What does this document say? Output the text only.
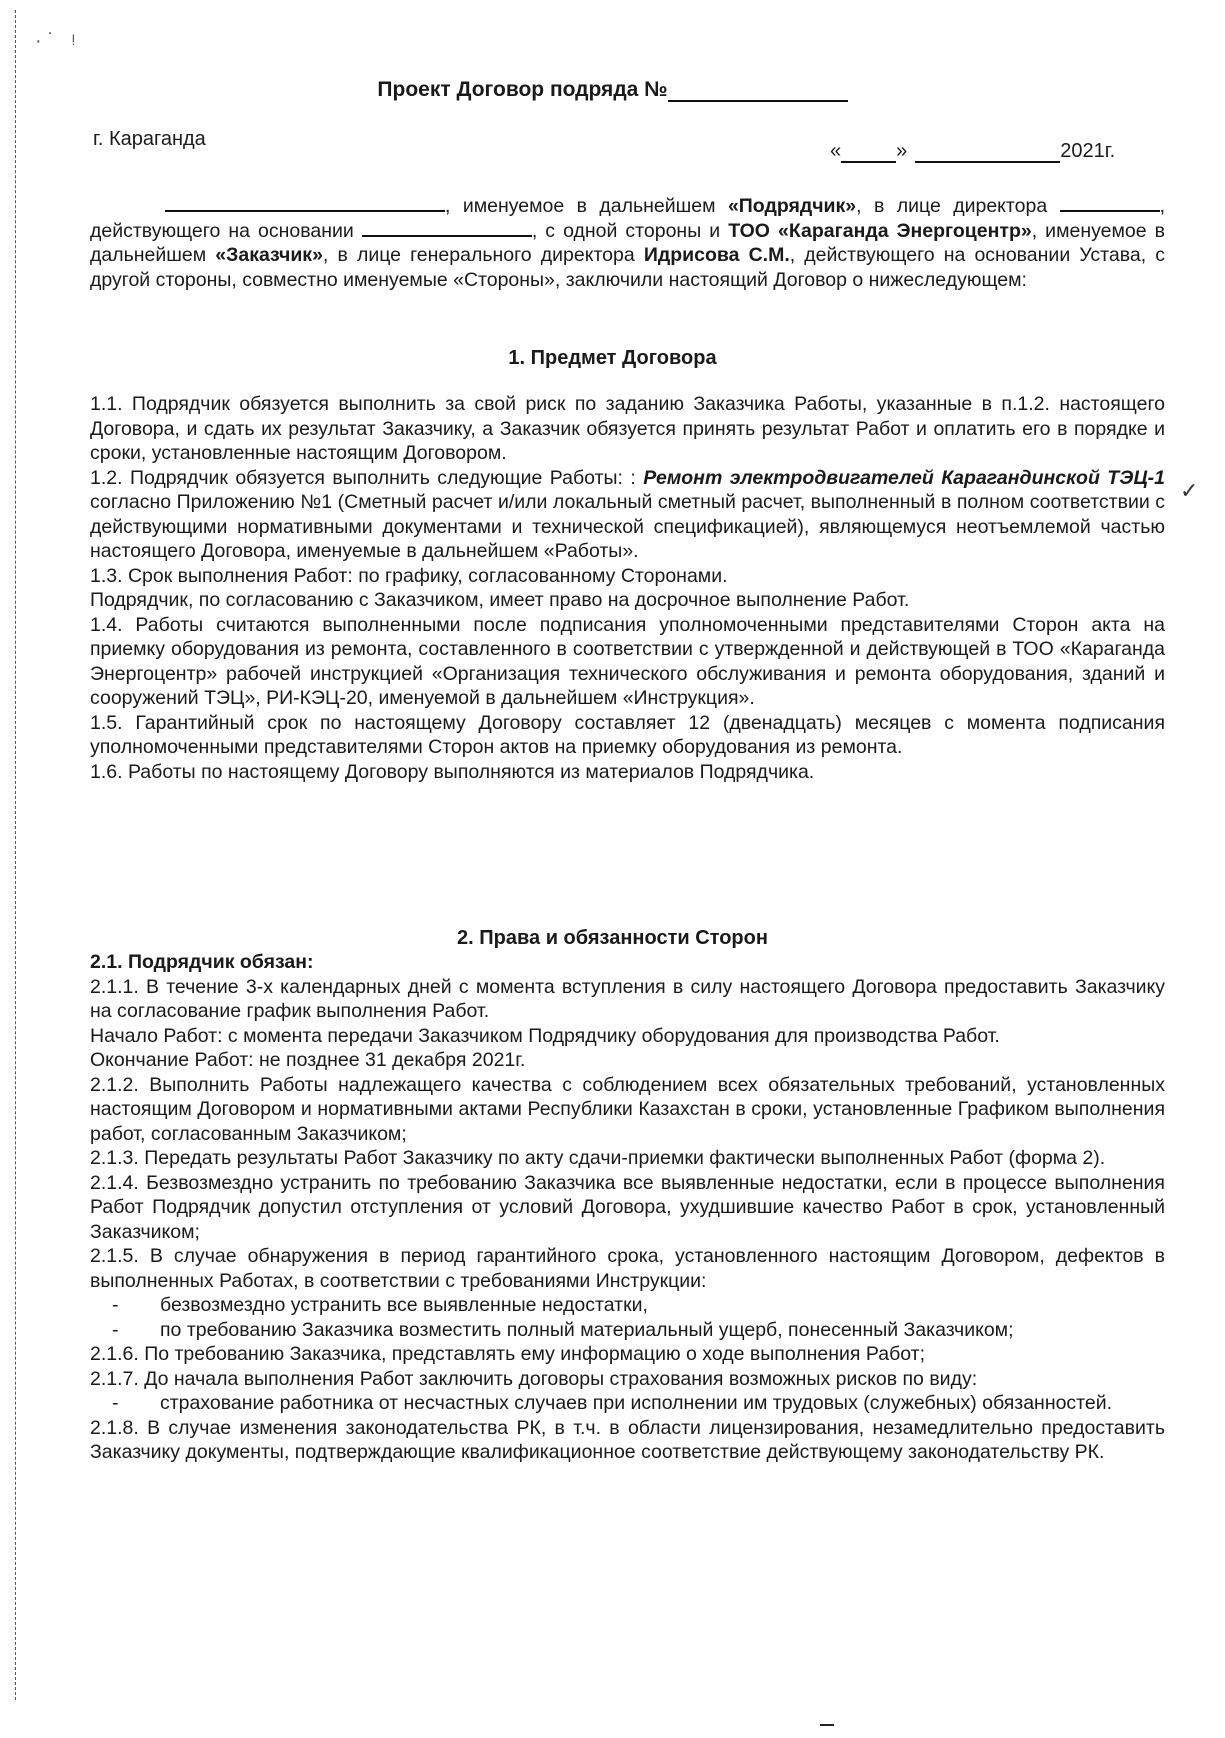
·˙ ᵎ
Проект Договор подряда №
г. Караганда
«	»	2021г.

, именуемое в дальнейшем «Подрядчик», в лице директора	, действующего на основании	, с одной стороны и ТОО «Караганда Энергоцентр», именуемое в дальнейшем «Заказчик», в лице генерального директора Идрисова С.М., действующего на основании Устава, с другой стороны, совместно именуемые «Стороны», заключили настоящий Договор о нижеследующем:

1. Предмет Договора

1.1. Подрядчик обязуется выполнить за свой риск по заданию Заказчика Работы, указанные в п.1.2. настоящего Договора, и сдать их результат Заказчику, а Заказчик обязуется принять результат Работ и оплатить его в порядке и сроки, установленные настоящим Договором.

1.2. Подрядчик обязуется выполнить следующие Работы: : Ремонт электродвигателей Карагандинской ТЭЦ-1 согласно Приложению №1 (Сметный расчет и/или локальный сметный расчет, выполненный в полном соответствии с действующими нормативными документами и технической спецификацией), являющемуся неотъемлемой частью настоящего Договора, именуемые в дальнейшем «Работы».

1.3. Срок выполнения Работ: по графику, согласованному Сторонами.

Подрядчик, по согласованию с Заказчиком, имеет право на досрочное выполнение Работ.

1.4. Работы считаются выполненными после подписания уполномоченными представителями Сторон акта на приемку оборудования из ремонта, составленного в соответствии с утвержденной и действующей в ТОО «Караганда Энергоцентр» рабочей инструкцией «Организация технического обслуживания и ремонта оборудования, зданий и сооружений ТЭЦ», РИ-КЭЦ-20, именуемой в дальнейшем «Инструкция».

1.5. Гарантийный срок по настоящему Договору составляет 12 (двенадцать) месяцев с момента подписания уполномоченными представителями Сторон актов на приемку оборудования из ремонта.

1.6. Работы по настоящему Договору выполняются из материалов Подрядчика.

✓
2. Права и обязанности Сторон

2.1. Подрядчик обязан:

2.1.1. В течение 3-х календарных дней с момента вступления в силу настоящего Договора предоставить Заказчику на согласование график выполнения Работ.

Начало Работ: с момента передачи Заказчиком Подрядчику оборудования для производства Работ.

Окончание Работ: не позднее 31 декабря 2021г.

2.1.2. Выполнить Работы надлежащего качества с соблюдением всех обязательных требований, установленных настоящим Договором и нормативными актами Республики Казахстан в сроки, установленные Графиком выполнения работ, согласованным Заказчиком;

2.1.3. Передать результаты Работ Заказчику по акту сдачи-приемки фактически выполненных Работ (форма 2).

2.1.4. Безвозмездно устранить по требованию Заказчика все выявленные недостатки, если в процессе выполнения Работ Подрядчик допустил отступления от условий Договора, ухудшившие качество Работ в срок, установленный Заказчиком;

2.1.5. В случае обнаружения в период гарантийного срока, установленного настоящим Договором, дефектов в выполненных Работах, в соответствии с требованиями Инструкции:

- безвозмездно устранить все выявленные недостатки,

- по требованию Заказчика возместить полный материальный ущерб, понесенный Заказчиком;

2.1.6. По требованию Заказчика, представлять ему информацию о ходе выполнения Работ;

2.1.7. До начала выполнения Работ заключить договоры страхования возможных рисков по виду:

- страхование работника от несчастных случаев при исполнении им трудовых (служебных) обязанностей.

2.1.8. В случае изменения законодательства РК, в т.ч. в области лицензирования, незамедлительно предоставить Заказчику документы, подтверждающие квалификационное соответствие действующему законодательству РК.
